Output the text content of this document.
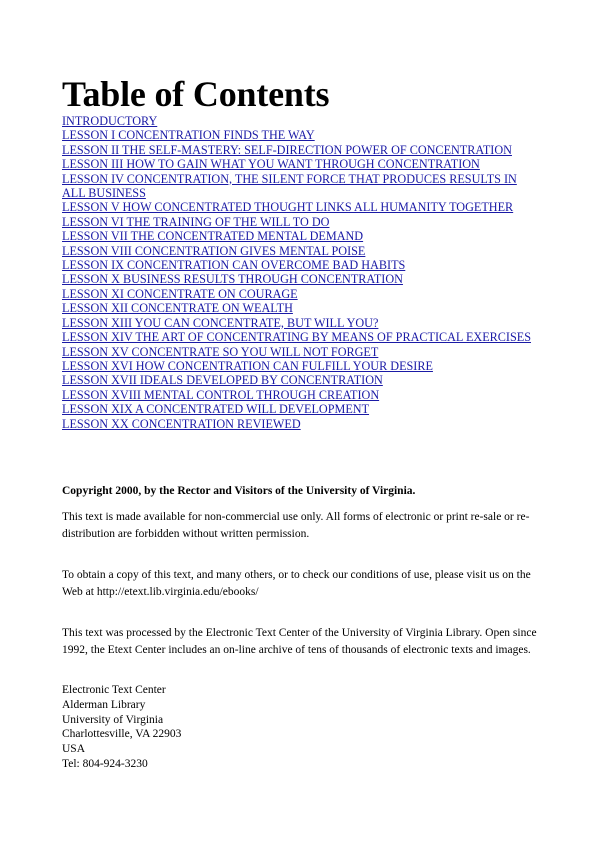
Table of Contents
INTRODUCTORY
LESSON I CONCENTRATION FINDS THE WAY
LESSON II THE SELF-MASTERY: SELF-DIRECTION POWER OF CONCENTRATION
LESSON III HOW TO GAIN WHAT YOU WANT THROUGH CONCENTRATION
LESSON IV CONCENTRATION, THE SILENT FORCE THAT PRODUCES RESULTS IN ALL BUSINESS
LESSON V HOW CONCENTRATED THOUGHT LINKS ALL HUMANITY TOGETHER
LESSON VI THE TRAINING OF THE WILL TO DO
LESSON VII THE CONCENTRATED MENTAL DEMAND
LESSON VIII CONCENTRATION GIVES MENTAL POISE
LESSON IX CONCENTRATION CAN OVERCOME BAD HABITS
LESSON X BUSINESS RESULTS THROUGH CONCENTRATION
LESSON XI CONCENTRATE ON COURAGE
LESSON XII CONCENTRATE ON WEALTH
LESSON XIII YOU CAN CONCENTRATE, BUT WILL YOU?
LESSON XIV THE ART OF CONCENTRATING BY MEANS OF PRACTICAL EXERCISES
LESSON XV CONCENTRATE SO YOU WILL NOT FORGET
LESSON XVI HOW CONCENTRATION CAN FULFILL YOUR DESIRE
LESSON XVII IDEALS DEVELOPED BY CONCENTRATION
LESSON XVIII MENTAL CONTROL THROUGH CREATION
LESSON XIX A CONCENTRATED WILL DEVELOPMENT
LESSON XX CONCENTRATION REVIEWED

Copyright 2000, by the Rector and Visitors of the University of Virginia.

This text is made available for non-commercial use only. All forms of electronic or print re-sale or re-distribution are forbidden without written permission.

To obtain a copy of this text, and many others, or to check our conditions of use, please visit us on the Web at http://etext.lib.virginia.edu/ebooks/

This text was processed by the Electronic Text Center of the University of Virginia Library. Open since 1992, the Etext Center includes an on-line archive of tens of thousands of electronic texts and images.

Electronic Text Center
Alderman Library
University of Virginia
Charlottesville, VA 22903
USA
Tel: 804-924-3230
